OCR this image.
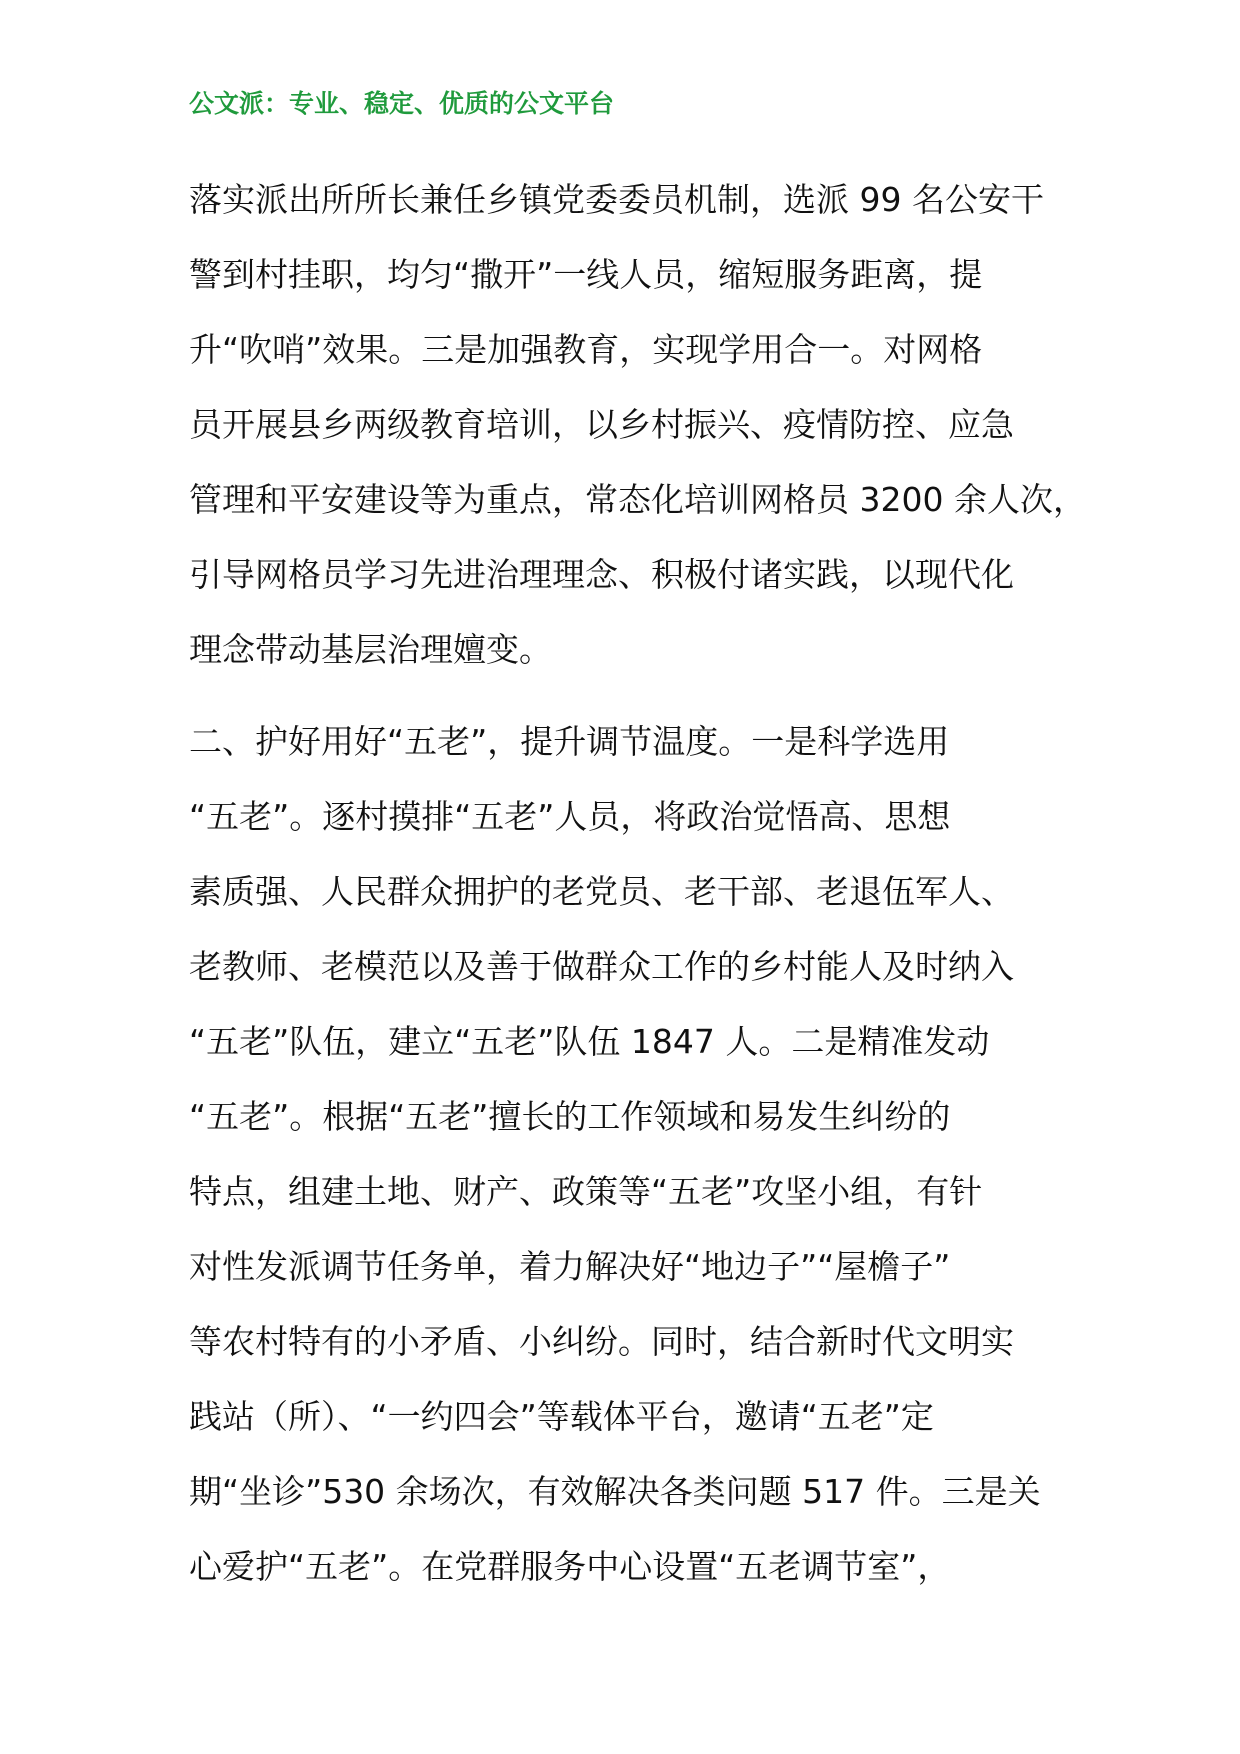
公文派：专业、稳定、优质的公文平台
落实派出所所长兼任乡镇党委委员机制，选派 99 名公安干
警到村挂职，均匀“撒开”一线人员，缩短服务距离，提
升“吹哨”效果。三是加强教育，实现学用合一。对网格
员开展县乡两级教育培训，以乡村振兴、疫情防控、应急
管理和平安建设等为重点，常态化培训网格员 3200 余人次，
引导网格员学习先进治理理念、积极付诸实践，以现代化
理念带动基层治理嬗变。
二、护好用好“五老”，提升调节温度。一是科学选用
“五老”。逐村摸排“五老”人员，将政治觉悟高、思想
素质强、人民群众拥护的老党员、老干部、老退伍军人、
老教师、老模范以及善于做群众工作的乡村能人及时纳入
“五老”队伍，建立“五老”队伍 1847 人。二是精准发动
“五老”。根据“五老”擅长的工作领域和易发生纠纷的
特点，组建土地、财产、政策等“五老”攻坚小组，有针
对性发派调节任务单，着力解决好“地边子”“屋檐子”
等农村特有的小矛盾、小纠纷。同时，结合新时代文明实
践站（所）、“一约四会”等载体平台，邀请“五老”定
期“坐诊”530 余场次，有效解决各类问题 517 件。三是关
心爱护“五老”。在党群服务中心设置“五老调节室”，
